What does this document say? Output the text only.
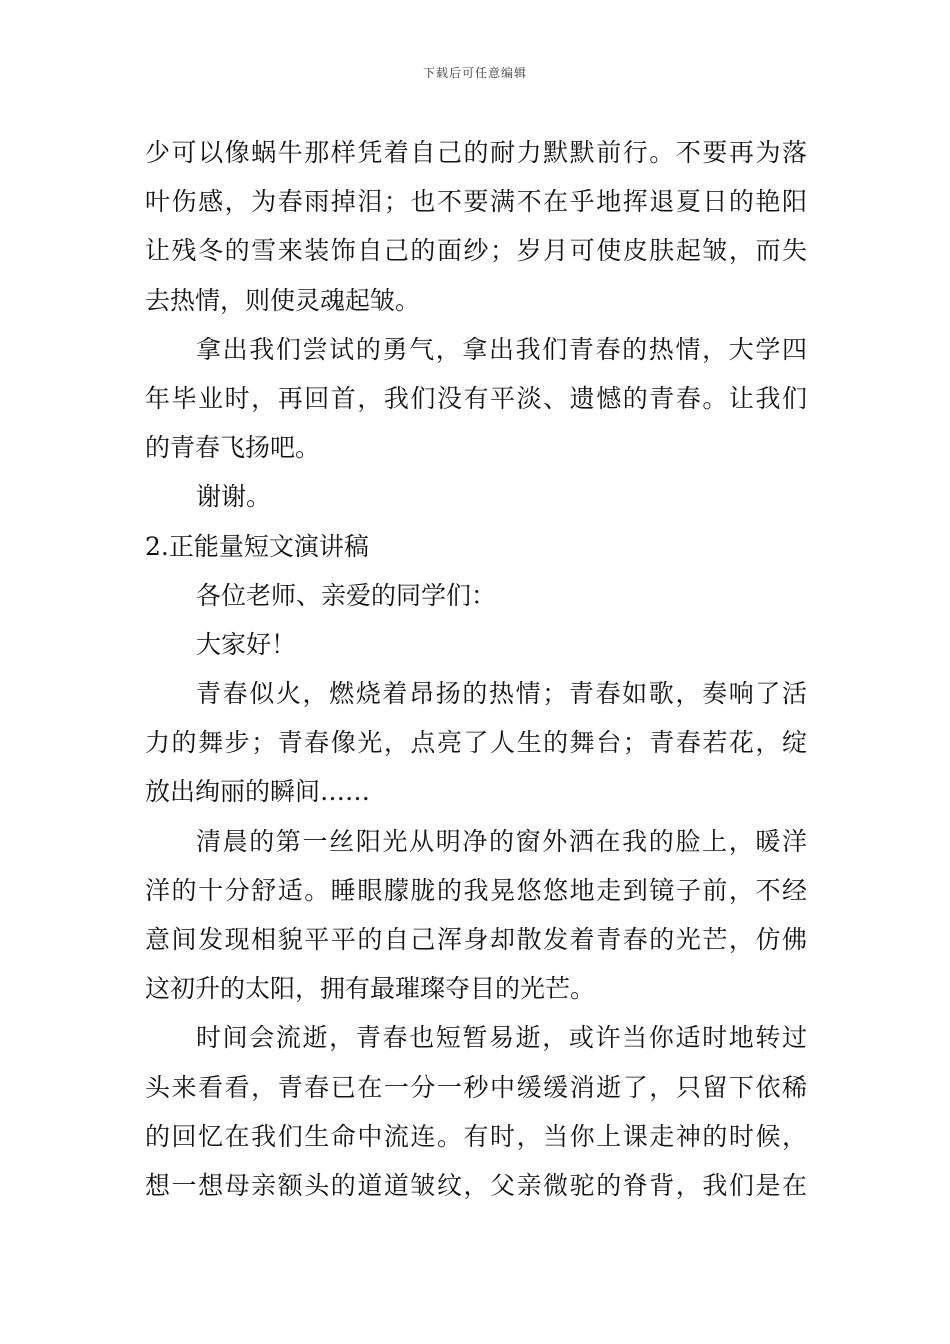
下载后可任意编辑
少可以像蜗牛那样凭着自己的耐力默默前行。不要再为落
叶伤感，为春雨掉泪；也不要满不在乎地挥退夏日的艳阳
让残冬的雪来装饰自己的面纱；岁月可使皮肤起皱，而失
去热情，则使灵魂起皱。
拿出我们尝试的勇气，拿出我们青春的热情，大学四
年毕业时，再回首，我们没有平淡、遗憾的青春。让我们
的青春飞扬吧。
谢谢。
2.正能量短文演讲稿
各位老师、亲爱的同学们：
大家好！
青春似火，燃烧着昂扬的热情；青春如歌，奏响了活
力的舞步；青春像光，点亮了人生的舞台；青春若花，绽
放出绚丽的瞬间……
清晨的第一丝阳光从明净的窗外洒在我的脸上，暖洋
洋的十分舒适。睡眼朦胧的我晃悠悠地走到镜子前，不经
意间发现相貌平平的自己浑身却散发着青春的光芒，仿佛
这初升的太阳，拥有最璀璨夺目的光芒。
时间会流逝，青春也短暂易逝，或许当你适时地转过
头来看看，青春已在一分一秒中缓缓消逝了，只留下依稀
的回忆在我们生命中流连。有时，当你上课走神的时候，
想一想母亲额头的道道皱纹，父亲微驼的脊背，我们是在
